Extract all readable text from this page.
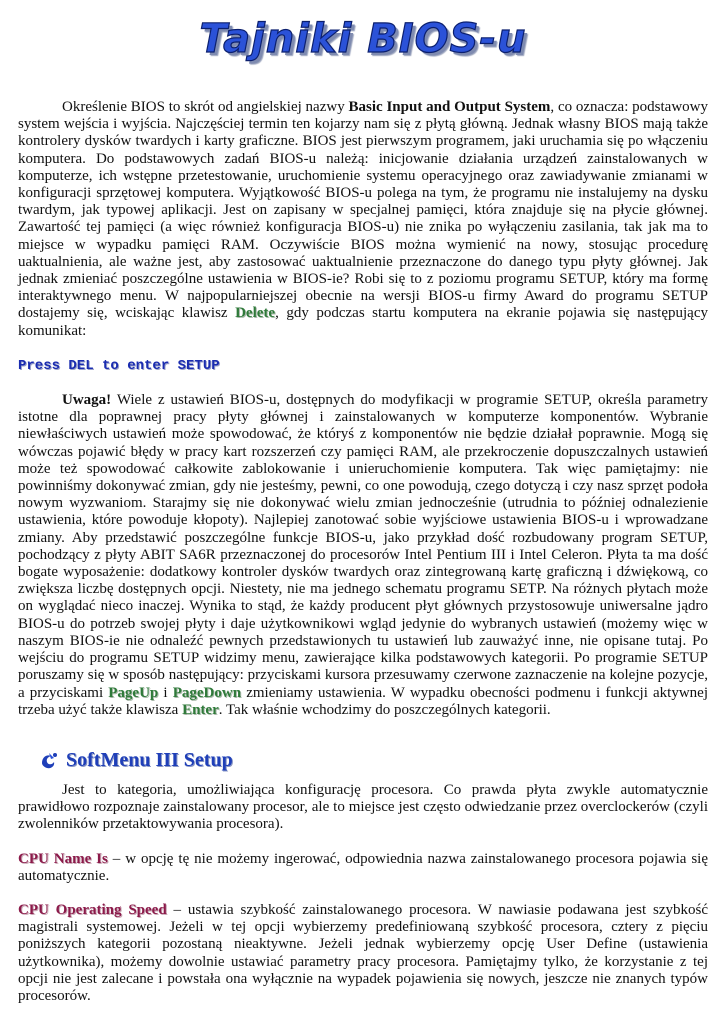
Tajniki BIOS-u

Określenie BIOS to skrót od angielskiej nazwy Basic Input and Output System, co oznacza: podstawowy system wejścia i wyjścia. Najczęściej termin ten kojarzy nam się z płytą główną. Jednak własny BIOS mają także kontrolery dysków twardych i karty graficzne. BIOS jest pierwszym programem, jaki uruchamia się po włączeniu komputera. Do podstawowych zadań BIOS-u należą: inicjowanie działania urządzeń zainstalowanych w komputerze, ich wstępne przetestowanie, uruchomienie systemu operacyjnego oraz zawiadywanie zmianami w konfiguracji sprzętowej komputera. Wyjątkowość BIOS-u polega na tym, że programu nie instalujemy na dysku twardym, jak typowej aplikacji. Jest on zapisany w specjalnej pamięci, która znajduje się na płycie głównej. Zawartość tej pamięci (a więc również konfiguracja BIOS-u) nie znika po wyłączeniu zasilania, tak jak ma to miejsce w wypadku pamięci RAM. Oczywiście BIOS można wymienić na nowy, stosując procedurę uaktualnienia, ale ważne jest, aby zastosować uaktualnienie przeznaczone do danego typu płyty głównej. Jak jednak zmieniać poszczególne ustawienia w BIOS-ie? Robi się to z poziomu programu SETUP, który ma formę interaktywnego menu. W najpopularniejszej obecnie na wersji BIOS-u firmy Award do programu SETUP dostajemy się, wciskając klawisz Delete, gdy podczas startu komputera na ekranie pojawia się następujący komunikat:

Press DEL to enter SETUP

Uwaga! Wiele z ustawień BIOS-u, dostępnych do modyfikacji w programie SETUP, określa parametry istotne dla poprawnej pracy płyty głównej i zainstalowanych w komputerze komponentów. Wybranie niewłaściwych ustawień może spowodować, że któryś z komponentów nie będzie działał poprawnie. Mogą się wówczas pojawić błędy w pracy kart rozszerzeń czy pamięci RAM, ale przekroczenie dopuszczalnych ustawień może też spowodować całkowite zablokowanie i unieruchomienie komputera. Tak więc pamiętajmy: nie powinniśmy dokonywać zmian, gdy nie jesteśmy, pewni, co one powodują, czego dotyczą i czy nasz sprzęt podoła nowym wyzwaniom. Starajmy się nie dokonywać wielu zmian jednocześnie (utrudnia to później odnalezienie ustawienia, które powoduje kłopoty). Najlepiej zanotować sobie wyjściowe ustawienia BIOS-u i wprowadzane zmiany. Aby przedstawić poszczególne funkcje BIOS-u, jako przykład dość rozbudowany program SETUP, pochodzący z płyty ABIT SA6R przeznaczonej do procesorów Intel Pentium III i Intel Celeron. Płyta ta ma dość bogate wyposażenie: dodatkowy kontroler dysków twardych oraz zintegrowaną kartę graficzną i dźwiękową, co zwiększa liczbę dostępnych opcji. Niestety, nie ma jednego schematu programu SETP. Na różnych płytach może on wyglądać nieco inaczej. Wynika to stąd, że każdy producent płyt głównych przystosowuje uniwersalne jądro BIOS-u do potrzeb swojej płyty i daje użytkownikowi wgląd jedynie do wybranych ustawień (możemy więc w naszym BIOS-ie nie odnaleźć pewnych przedstawionych tu ustawień lub zauważyć inne, nie opisane tutaj. Po wejściu do programu SETUP widzimy menu, zawierające kilka podstawowych kategorii. Po programie SETUP poruszamy się w sposób następujący: przyciskami kursora przesuwamy czerwone zaznaczenie na kolejne pozycje, a przyciskami PageUp i PageDown zmieniamy ustawienia. W wypadku obecności podmenu i funkcji aktywnej trzeba użyć także klawisza Enter. Tak właśnie wchodzimy do poszczególnych kategorii.

SoftMenu III Setup

Jest to kategoria, umożliwiająca konfigurację procesora. Co prawda płyta zwykle automatycznie prawidłowo rozpoznaje zainstalowany procesor, ale to miejsce jest często odwiedzanie przez overclockerów (czyli zwolenników przetaktowywania procesora).

CPU Name Is – w opcję tę nie możemy ingerować, odpowiednia nazwa zainstalowanego procesora pojawia się automatycznie.

CPU Operating Speed – ustawia szybkość zainstalowanego procesora. W nawiasie podawana jest szybkość magistrali systemowej. Jeżeli w tej opcji wybierzemy predefiniowaną szybkość procesora, cztery z pięciu poniższych kategorii pozostaną nieaktywne. Jeżeli jednak wybierzemy opcję User Define (ustawienia użytkownika), możemy dowolnie ustawiać parametry pracy procesora. Pamiętajmy tylko, że korzystanie z tej opcji nie jest zalecane i powstała ona wyłącznie na wypadek pojawienia się nowych, jeszcze nie znanych typów procesorów.
